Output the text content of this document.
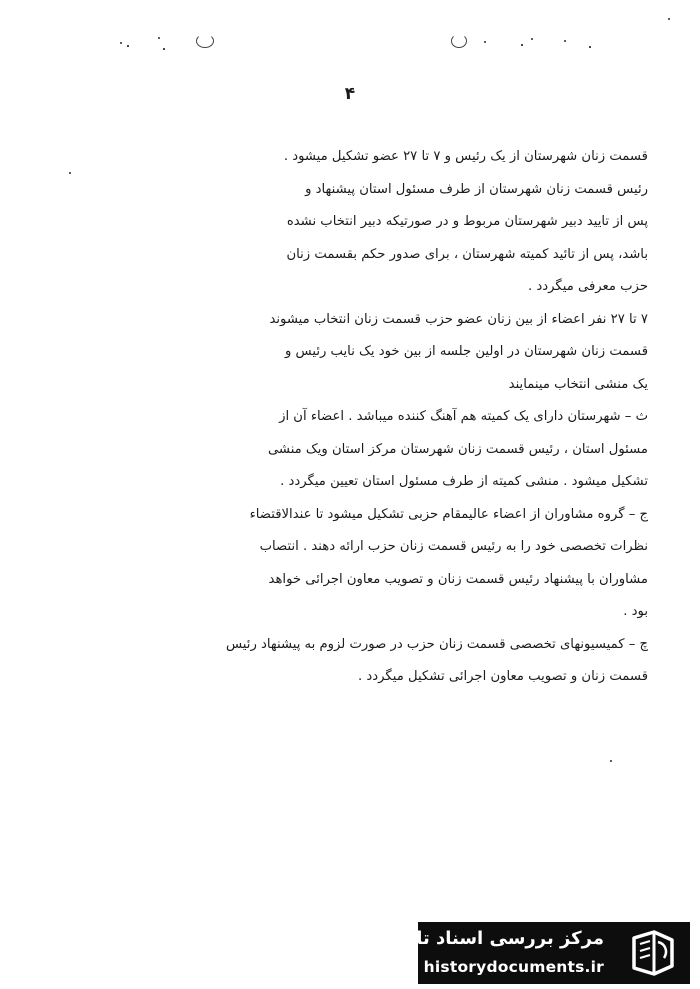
۴
قسمت زنان شهرستان از یک رئیس و ۷ تا ۲۷ عضو تشکیل میشود .
رئیس قسمت زنان شهرستان از طرف مسئول استان پیشنهاد و
پس از تایید دبیر شهرستان مربوط و در صورتیکه دبیر انتخاب نشده
باشد، پس از تائید کمیته شهرستان ، برای صدور حکم بقسمت زنان
حزب معرفی میگردد .
۷ تا ۲۷ نفر اعضاء از بین زنان عضو حزب قسمت زنان انتخاب میشوند
قسمت زنان شهرستان در اولین جلسه از بین خود یک نایب رئیس و
یک منشی انتخاب مینمایند
ث – شهرستان دارای یک کمیته هم آهنگ کننده میباشد . اعضاء آن از
مسئول استان ، رئیس قسمت زنان شهرستان مرکز استان ویک منشی
تشکیل میشود . منشی کمیته از طرف مسئول استان تعیین میگردد .
ج – گروه مشاوران از اعضاء عالیمقام حزبی تشکیل میشود تا عندالاقتضاء
نظرات تخصصی خود را به رئیس قسمت زنان حزب ارائه دهند . انتصاب
مشاوران با پیشنهاد رئیس قسمت زنان و تصویب معاون اجرائی خواهد
بود .
چ – کمیسیونهای تخصصی قسمت زنان حزب در صورت لزوم به پیشنهاد رئیس
قسمت زنان و تصویب معاون اجرائی تشکیل میگردد .
مرکز بررسی اسناد تاریخی
historydocuments.ir
